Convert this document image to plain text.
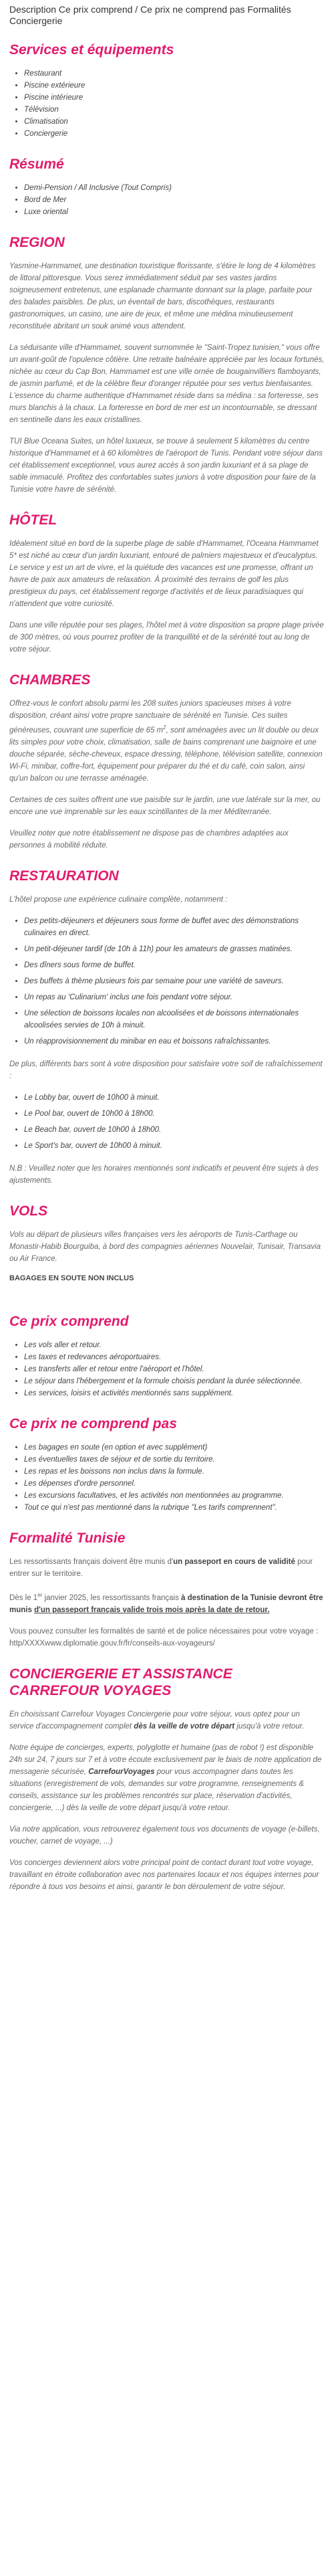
Description Ce prix comprend / Ce prix ne comprend pas Formalités Conciergerie

Services et équipements
• Restaurant
• Piscine extérieure
• Piscine intérieure
• Télévision
• Climatisation
• Conciergerie
Résumé
• Demi-Pension / All Inclusive (Tout Compris)
• Bord de Mer
• Luxe oriental
REGION

Yasmine-Hammamet, une destination touristique florissante, s'étire le long de 4 kilomètres de littoral pittoresque. Vous serez immédiatement séduit par ses vastes jardins soigneusement entretenus, une esplanade charmante donnant sur la plage, parfaite pour des balades paisibles. De plus, un éventail de bars, discothèques, restaurants gastronomiques, un casino, une aire de jeux, et même une médina minutieusement reconstituée abritant un souk animé vous attendent.

La séduisante ville d'Hammamet, souvent surnommée le "Saint-Tropez tunisien," vous offre un avant-goût de l'opulence côtière. Une retraite balnéaire appréciée par les locaux fortunés, nichée au cœur du Cap Bon, Hammamet est une ville ornée de bougainvilliers flamboyants, de jasmin parfumé, et de la célèbre fleur d'oranger réputée pour ses vertus bienfaisantes. L'essence du charme authentique d'Hammamet réside dans sa médina : sa forteresse, ses murs blanchis à la chaux. La forteresse en bord de mer est un incontournable, se dressant en sentinelle dans les eaux cristallines.

TUI Blue Oceana Suites, un hôtel luxueux, se trouve à seulement 5 kilomètres du centre historique d'Hammamet et à 60 kilomètres de l'aéroport de Tunis. Pendant votre séjour dans cet établissement exceptionnel, vous aurez accès à son jardin luxuriant et à sa plage de sable immaculé. Profitez des confortables suites juniors à votre disposition pour faire de la Tunisie votre havre de sérénité.

HÔTEL

Idéalement situé en bord de la superbe plage de sable d'Hammamet, l'Oceana Hammamet 5* est niché au cœur d'un jardin luxuriant, entouré de palmiers majestueux et d'eucalyptus. Le service y est un art de vivre, et la quiétude des vacances est une promesse, offrant un havre de paix aux amateurs de relaxation. À proximité des terrains de golf les plus prestigieux du pays, cet établissement regorge d'activités et de lieux paradisiaques qui n'attendent que votre curiosité.

Dans une ville réputée pour ses plages, l'hôtel met à votre disposition sa propre plage privée de 300 mètres, où vous pourrez profiter de la tranquillité et de la sérénité tout au long de votre séjour.

CHAMBRES

Offrez-vous le confort absolu parmi les 208 suites juniors spacieuses mises à votre disposition, créant ainsi votre propre sanctuaire de sérénité en Tunisie. Ces suites généreuses, couvrant une superficie de 65 $m^2$, sont aménagées avec un lit double ou deux lits simples pour votre choix, climatisation, salle de bains comprenant une baignoire et une douche séparée, sèche-cheveux, espace dressing, téléphone, télévision satellite, connexion Wi-Fi, minibar, coffre-fort, équipement pour préparer du thé et du café, coin salon, ainsi qu'un balcon ou une terrasse aménagée.

Certaines de ces suites offrent une vue paisible sur le jardin, une vue latérale sur la mer, ou encore une vue imprenable sur les eaux scintillantes de la mer Méditerranée.

Veuillez noter que notre établissement ne dispose pas de chambres adaptées aux personnes à mobilité réduite.

RESTAURATION

L'hôtel propose une expérience culinaire complète, notamment :

• Des petits-déjeuners et déjeuners sous forme de buffet avec des démonstrations culinaires en direct.
• Un petit-déjeuner tardif (de 10h à 11h) pour les amateurs de grasses matinées.
• Des dîners sous forme de buffet.
• Des buffets à thème plusieurs fois par semaine pour une variété de saveurs.
• Un repas au 'Culinarium' inclus une fois pendant votre séjour.
• Une sélection de boissons locales non alcoolisées et de boissons internationales alcoolisées servies de 10h à minuit.
• Un réapprovisionnement du minibar en eau et boissons rafraîchissantes.

De plus, différents bars sont à votre disposition pour satisfaire votre soif de rafraîchissement :

• Le Lobby bar, ouvert de 10h00 à minuit.
• Le Pool bar, ouvert de 10h00 à 18h00.
• Le Beach bar, ouvert de 10h00 à 18h00.
• Le Sport's bar, ouvert de 10h00 à minuit.

N.B : Veuillez noter que les horaires mentionnés sont indicatifs et peuvent être sujets à des ajustements.

VOLS

Vols au départ de plusieurs villes françaises vers les aéroports de Tunis-Carthage ou Monastir-Habib Bourguiba, à bord des compagnies aériennes Nouvelair, Tunisair, Transavia ou Air France.

BAGAGES EN SOUTE NON INCLUS

Ce prix comprend
• Les vols aller et retour.
• Les taxes et redevances aéroportuaires.
• Les transferts aller et retour entre l'aéroport et l'hôtel.
• Le séjour dans l'hébergement et la formule choisis pendant la durée sélectionnée.
• Les services, loisirs et activités mentionnés sans supplément.
Ce prix ne comprend pas
• Les bagages en soute (en option et avec supplément)
• Les éventuelles taxes de séjour et de sortie du territoire.
• Les repas et les boissons non inclus dans la formule.
• Les dépenses d'ordre personnel.
• Les excursions facultatives, et les activités non mentionnées au programme.
• Tout ce qui n'est pas mentionné dans la rubrique "Les tarifs comprennent".
Formalité Tunisie

Les ressortissants français doivent être munis d'un passeport en cours de validité pour entrer sur le territoire.

Dès le 1er janvier 2025, les ressortissants français à destination de la Tunisie devront être munis d'un passeport français valide trois mois après la date de retour.

Vous pouvez consulter les formalités de santé et de police nécessaires pour votre voyage : http/XXXXwww.diplomatie.gouv.fr/fr/conseils-aux-voyageurs/

CONCIERGERIE ET ASSISTANCE CARREFOUR VOYAGES

En choisissant Carrefour Voyages Conciergerie pour votre séjour, vous optez pour un service d'accompagnement complet dès la veille de votre départ jusqu'à votre retour.

Notre équipe de concierges, experts, polyglotte et humaine (pas de robot !) est disponible 24h sur 24, 7 jours sur 7 et à votre écoute exclusivement par le biais de notre application de messagerie sécurisée, CarrefourVoyages pour vous accompagner dans toutes les situations (enregistrement de vols, demandes sur votre programme, renseignements & conseils, assistance sur les problèmes rencontrés sur place, réservation d'activités, conciergerie, ...) dès la veille de votre départ jusqu'à votre retour.

Via notre application, vous retrouverez également tous vos documents de voyage (e-billets, voucher, carnet de voyage, ...)

Vos concierges deviennent alors votre principal point de contact durant tout votre voyage, travaillant en étroite collaboration avec nos partenaires locaux et nos équipes internes pour répondre à tous vos besoins et ainsi, garantir le bon déroulement de votre séjour.
